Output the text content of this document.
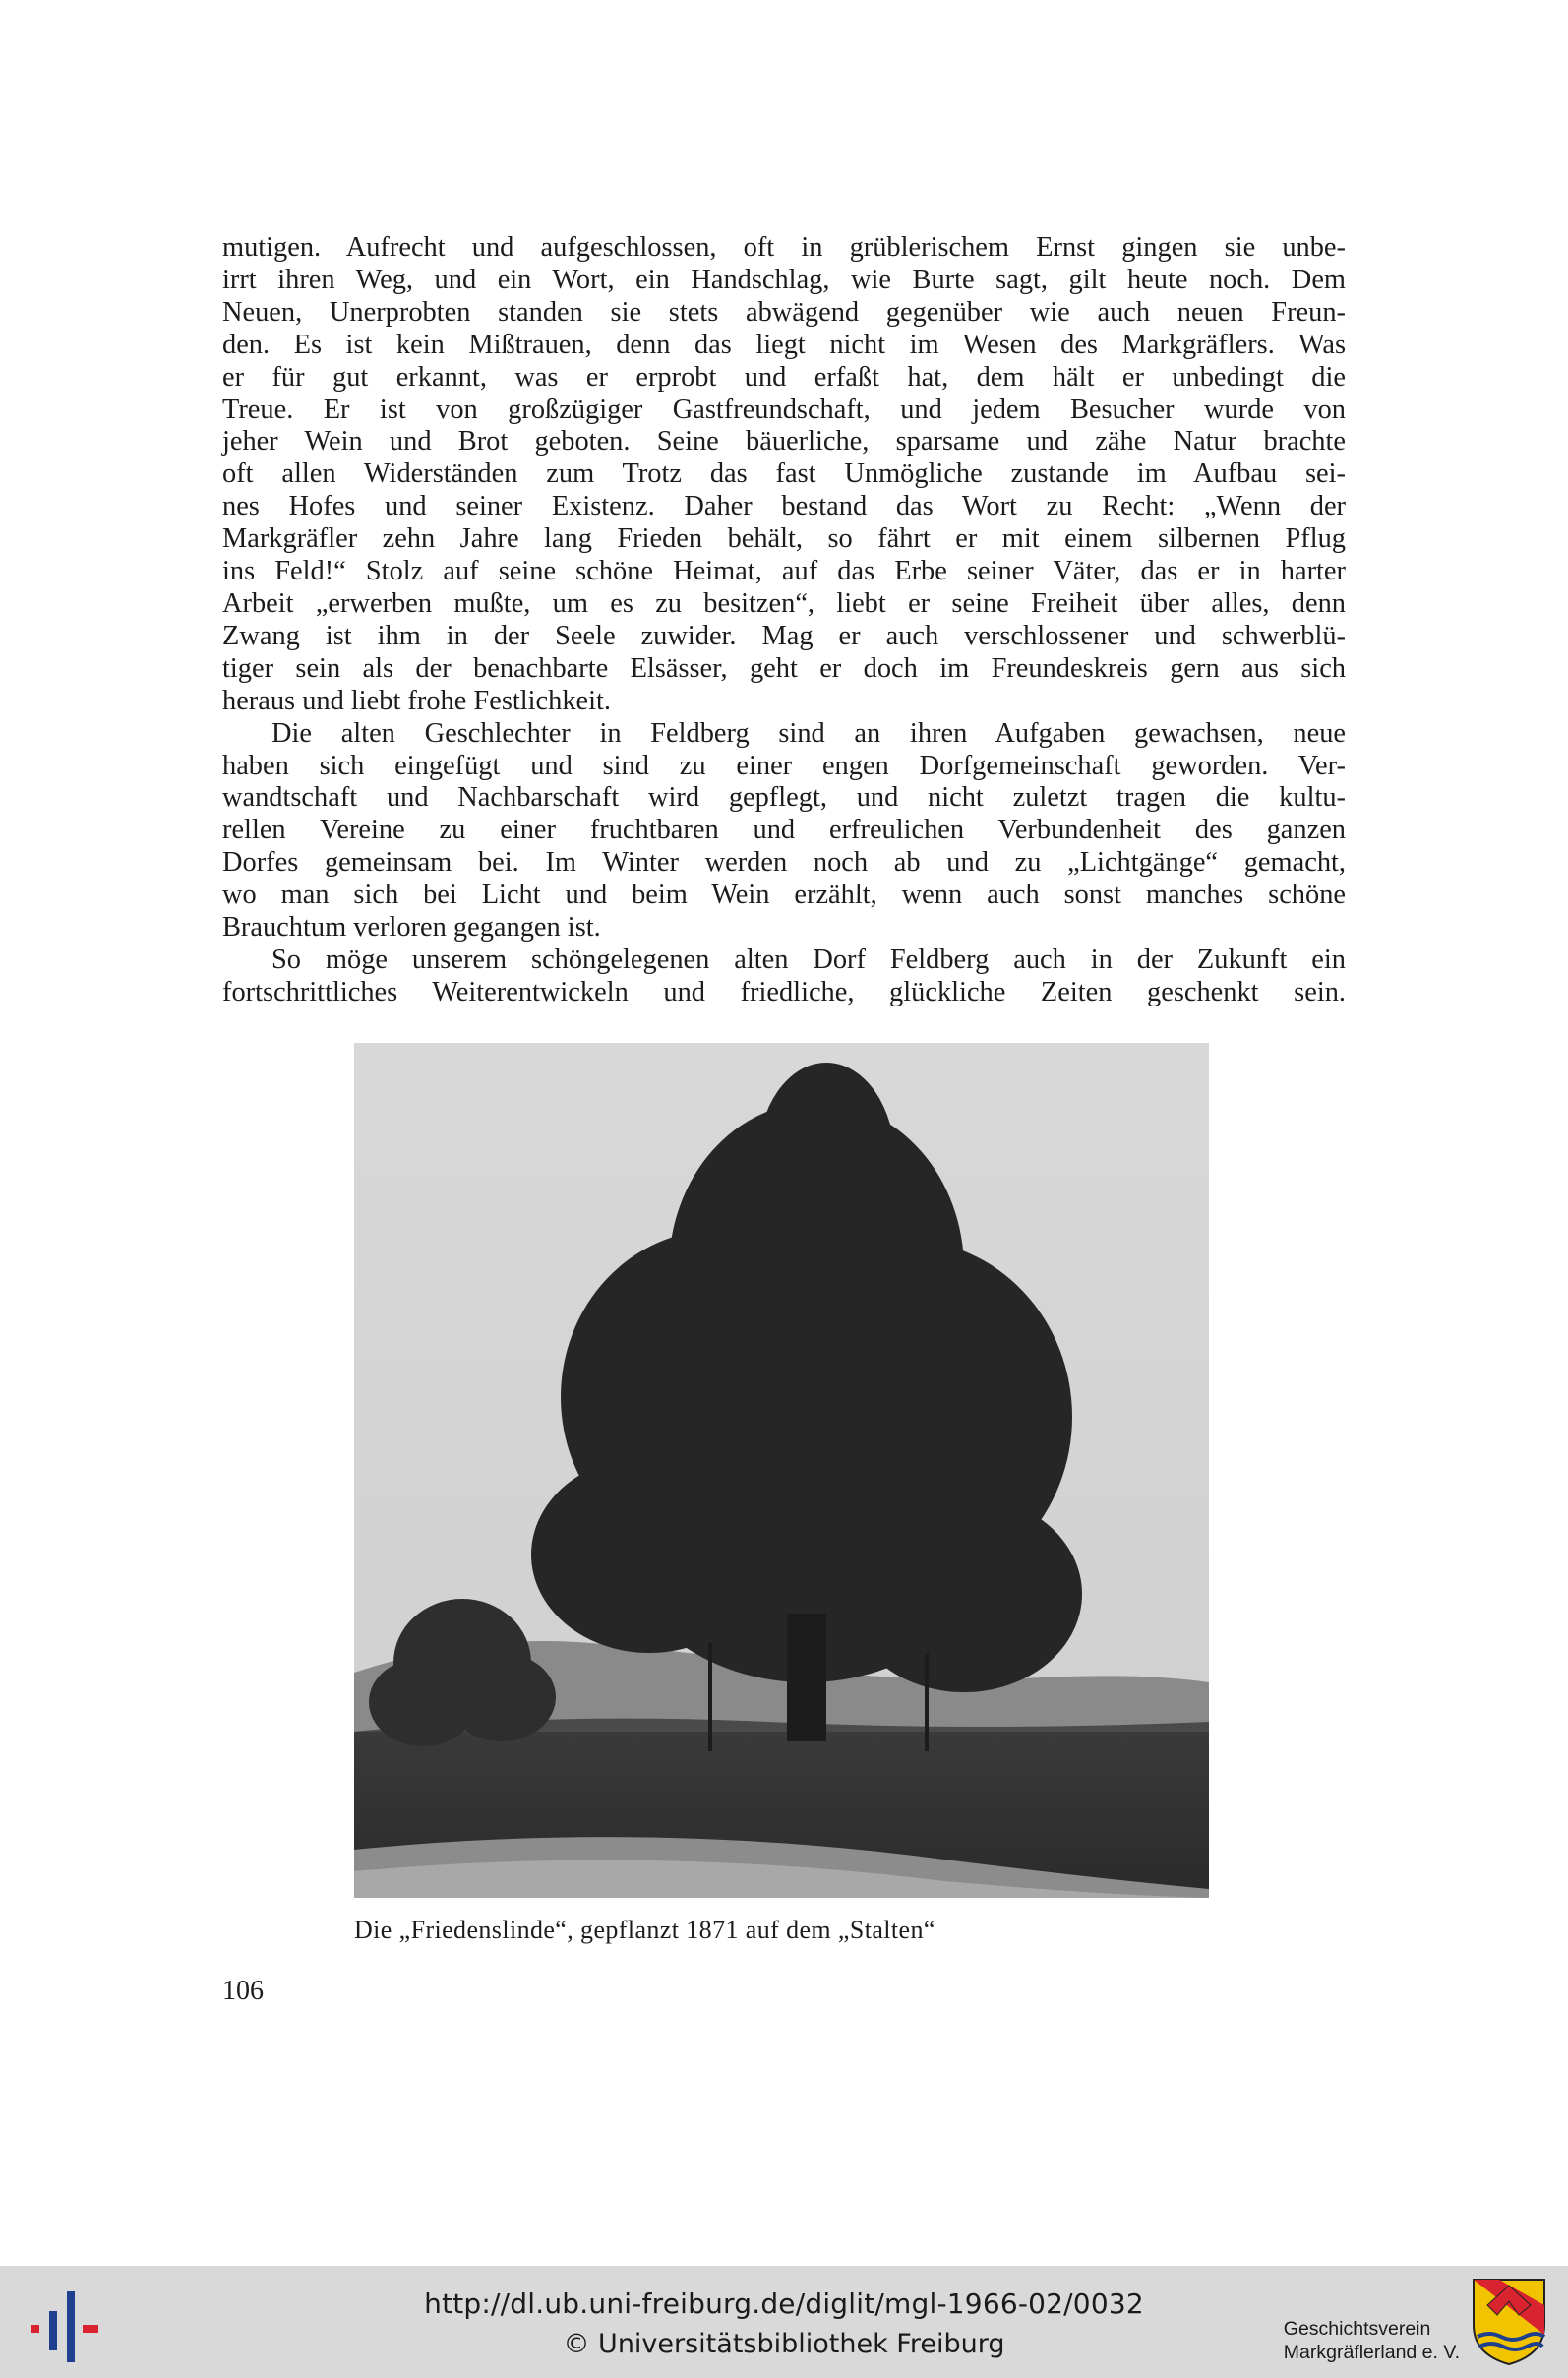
mutigen. Aufrecht und aufgeschlossen, oft in grüblerischem Ernst gingen sie unbe-
irrt ihren Weg, und ein Wort, ein Handschlag, wie Burte sagt, gilt heute noch. Dem
Neuen, Unerprobten standen sie stets abwägend gegenüber wie auch neuen Freun-
den. Es ist kein Mißtrauen, denn das liegt nicht im Wesen des Markgräflers. Was
er für gut erkannt, was er erprobt und erfaßt hat, dem hält er unbedingt die
Treue. Er ist von großzügiger Gastfreundschaft, und jedem Besucher wurde von
jeher Wein und Brot geboten. Seine bäuerliche, sparsame und zähe Natur brachte
oft allen Widerständen zum Trotz das fast Unmögliche zustande im Aufbau sei-
nes Hofes und seiner Existenz. Daher bestand das Wort zu Recht: „Wenn der
Markgräfler zehn Jahre lang Frieden behält, so fährt er mit einem silbernen Pflug
ins Feld!“ Stolz auf seine schöne Heimat, auf das Erbe seiner Väter, das er in harter
Arbeit „erwerben mußte, um es zu besitzen“, liebt er seine Freiheit über alles, denn
Zwang ist ihm in der Seele zuwider. Mag er auch verschlossener und schwerblü-
tiger sein als der benachbarte Elsässer, geht er doch im Freundeskreis gern aus sich
heraus und liebt frohe Festlichkeit.

Die alten Geschlechter in Feldberg sind an ihren Aufgaben gewachsen, neue
haben sich eingefügt und sind zu einer engen Dorfgemeinschaft geworden. Ver-
wandtschaft und Nachbarschaft wird gepflegt, und nicht zuletzt tragen die kultu-
rellen Vereine zu einer fruchtbaren und erfreulichen Verbundenheit des ganzen
Dorfes gemeinsam bei. Im Winter werden noch ab und zu „Lichtgänge“ gemacht,
wo man sich bei Licht und beim Wein erzählt, wenn auch sonst manches schöne
Brauchtum verloren gegangen ist.

So möge unserem schöngelegenen alten Dorf Feldberg auch in der Zukunft ein
fortschrittliches Weiterentwickeln und friedliche, glückliche Zeiten geschenkt sein.

Die „Friedenslinde“, gepflanzt 1871 auf dem „Stalten“
106
http://dl.ub.uni-freiburg.de/diglit/mgl-1966-02/0032
© Universitätsbibliothek Freiburg	Geschichtsverein
Markgräflerland e. V.
